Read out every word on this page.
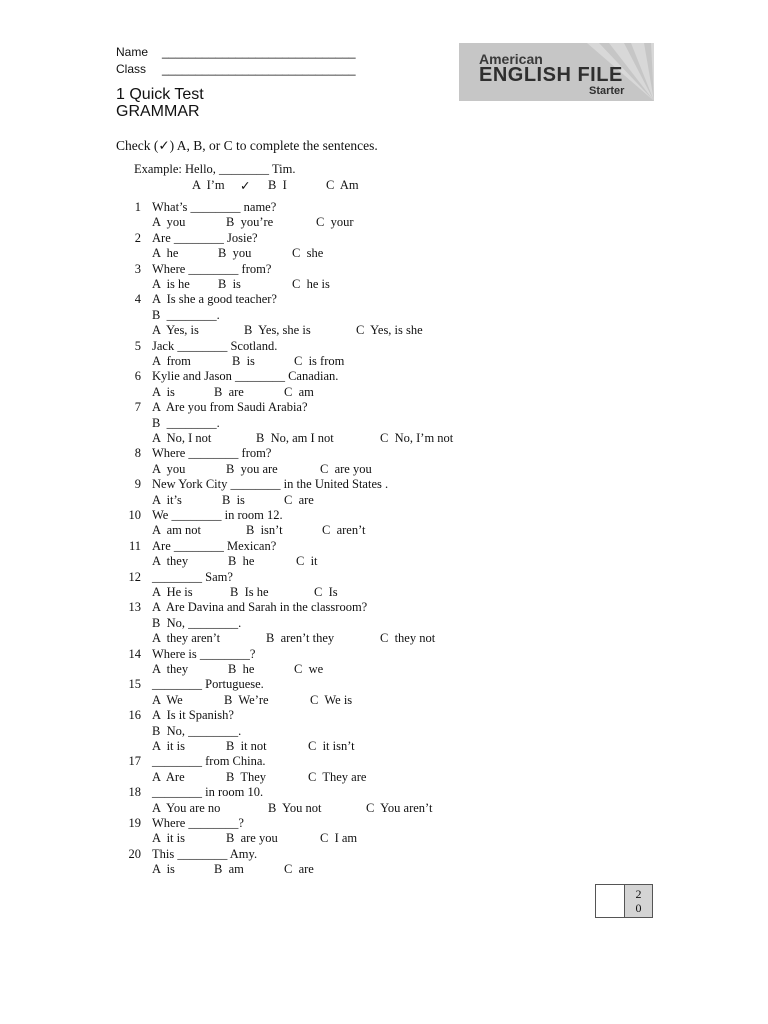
Name _____________________________
Class _____________________________
1 Quick Test
GRAMMAR
American
ENGLISH FILE
Starter
Check (✓) A, B, or C to complete the sentences.
Example: Hello, ________ Tim.

A  I’m

✓

B  I

	C  Am

1 What’s ________ name?
A  you	B  you’re	C  your
2 Are ________ Josie?
A  he	B  you	C  she
3 Where ________ from?
A  is he B  is	C  he is
4 A  Is she a good teacher?
B  ________.
A  Yes, is	B  Yes, she is	C  Yes, is she
5 Jack ________ Scotland.
A  from	B  is	C  is from
6 Kylie and Jason ________ Canadian.
A  is	B  are	C  am
7 A  Are you from Saudi Arabia?
B  ________.
A  No, I not	B  No, am I not	C  No, I’m not
8 Where ________ from?
A  you	B  you are	C  are you
9 New York City ________ in the United States .
A  it’s	B  is	C  are
10 We ________ in room 12.
A  am not	B  isn’t	C  aren’t
11 Are ________ Mexican?
A  they	B  he	C  it
12 ________ Sam?
A  He is	B  Is he	C  Is
13 A  Are Davina and Sarah in the classroom?
B  No, ________.
A  they aren’t	B  aren’t they	C  they not
14 Where is ________?
A  they	B  he	C  we
15 ________ Portuguese.
A  We	B  We’re	C  We is
16 A  Is it Spanish?
B  No, ________.
A  it is	B  it not	C  it isn’t
17 ________ from China.
A  Are	B  They	C  They are
18 ________ in room 10.
A  You are no	B  You not	C  You aren’t
19 Where ________?
A  it is	B  are you	C  I am
20 This ________ Amy.
A  is	B  am	C  are
2
0
